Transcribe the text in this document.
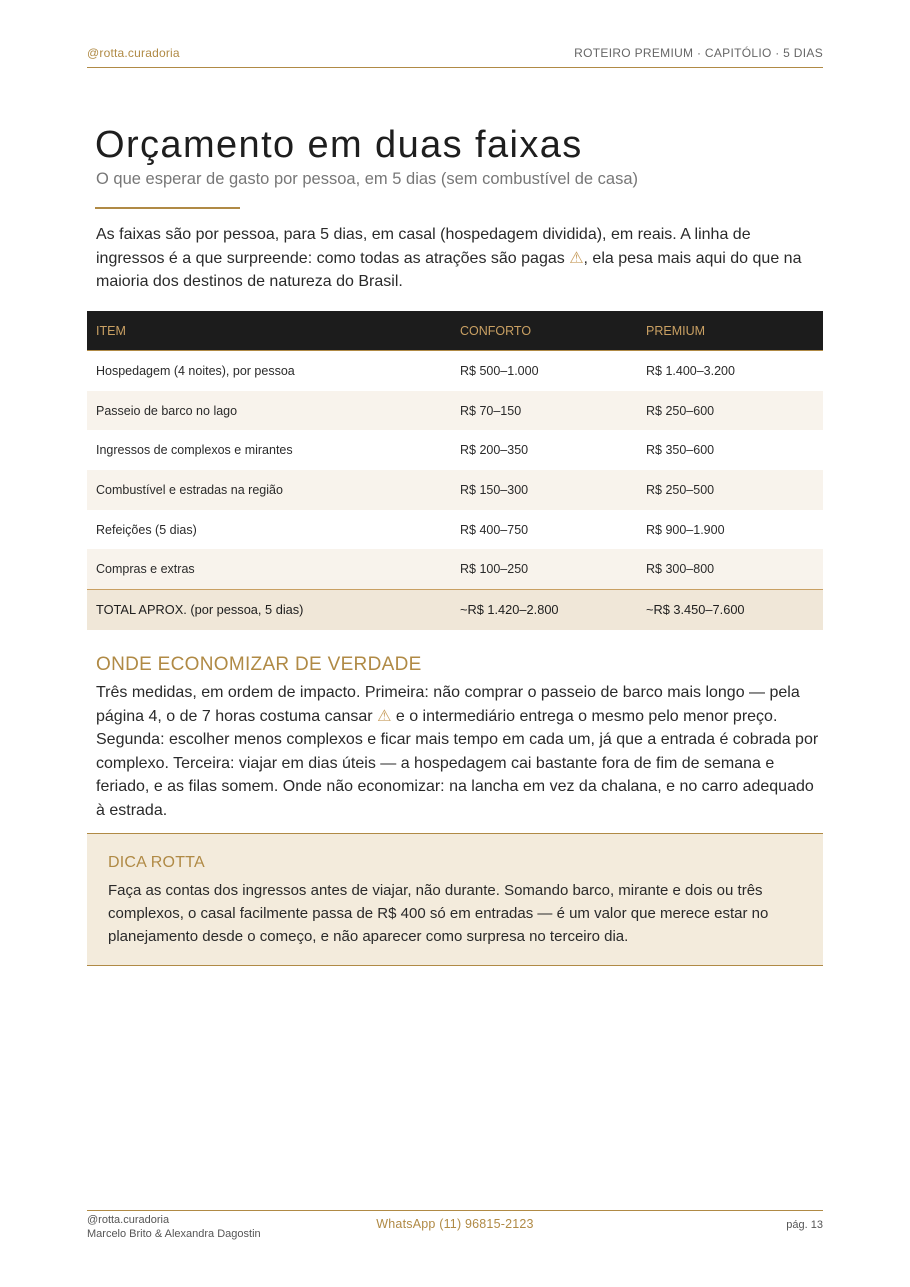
@rotta.curadoria	ROTEIRO PREMIUM · CAPITÓLIO · 5 DIAS
Orçamento em duas faixas
O que esperar de gasto por pessoa, em 5 dias (sem combustível de casa)

As faixas são por pessoa, para 5 dias, em casal (hospedagem dividida), em reais. A linha de ingressos é a que surpreende: como todas as atrações são pagas ⚠, ela pesa mais aqui do que na maioria dos destinos de natureza do Brasil.

ITEM	CONFORTO	PREMIUM
Hospedagem (4 noites), por pessoa	R$ 500–1.000	R$ 1.400–3.200
Passeio de barco no lago	R$ 70–150	R$ 250–600
Ingressos de complexos e mirantes	R$ 200–350	R$ 350–600
Combustível e estradas na região	R$ 150–300	R$ 250–500
Refeições (5 dias)	R$ 400–750	R$ 900–1.900
Compras e extras	R$ 100–250	R$ 300–800
TOTAL APROX. (por pessoa, 5 dias)	~R$ 1.420–2.800	~R$ 3.450–7.600
ONDE ECONOMIZAR DE VERDADE

Três medidas, em ordem de impacto. Primeira: não comprar o passeio de barco mais longo — pela página 4, o de 7 horas costuma cansar ⚠ e o intermediário entrega o mesmo pelo menor preço. Segunda: escolher menos complexos e ficar mais tempo em cada um, já que a entrada é cobrada por complexo. Terceira: viajar em dias úteis — a hospedagem cai bastante fora de fim de semana e feriado, e as filas somem. Onde não economizar: na lancha em vez da chalana, e no carro adequado à estrada.

DICA ROTTA
Faça as contas dos ingressos antes de viajar, não durante. Somando barco, mirante e dois ou três complexos, o casal facilmente passa de R$ 400 só em entradas — é um valor que merece estar no planejamento desde o começo, e não aparecer como surpresa no terceiro dia.
@rotta.curadoria
Marcelo Brito & Alexandra Dagostin
WhatsApp (11) 96815-2123	pág. 13
